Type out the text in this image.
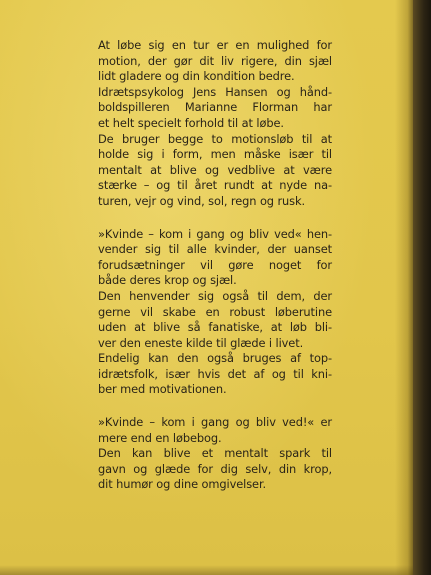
At løbe sig en tur er en mulighed for
motion, der gør dit liv rigere, din sjæl
lidt gladere og din kondition bedre.
Idrætspsykolog Jens Hansen og hånd-
boldspilleren Marianne Florman har
et helt specielt forhold til at løbe.
De bruger begge to motionsløb til at
holde sig i form, men måske især til
mentalt at blive og vedblive at være
stærke – og til året rundt at nyde na-
turen, vejr og vind, sol, regn og rusk.
»Kvinde – kom i gang og bliv ved« hen-
vender sig til alle kvinder, der uanset
forudsætninger vil gøre noget for
både deres krop og sjæl.
Den henvender sig også til dem, der
gerne vil skabe en robust løberutine
uden at blive så fanatiske, at løb bli-
ver den eneste kilde til glæde i livet.
Endelig kan den også bruges af top-
idrætsfolk, især hvis det af og til kni-
ber med motivationen.
»Kvinde – kom i gang og bliv ved!« er
mere end en løbebog.
Den kan blive et mentalt spark til
gavn og glæde for dig selv, din krop,
dit humør og dine omgivelser.
